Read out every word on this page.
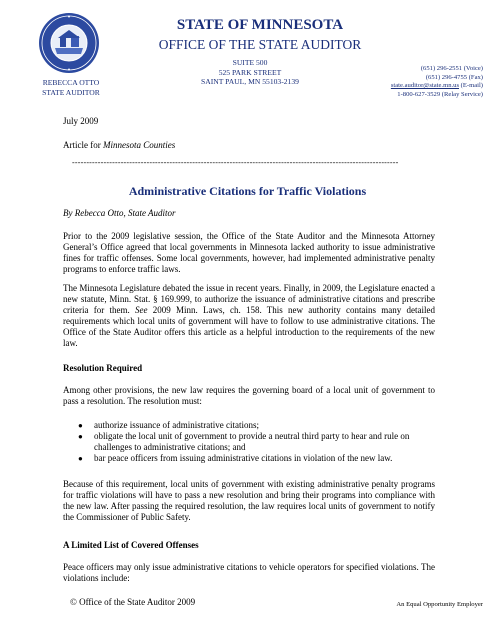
REBECCA OTTO
STATE AUDITOR
STATE OF MINNESOTA
OFFICE OF THE STATE AUDITOR
SUITE 500
525 PARK STREET
SAINT PAUL, MN 55103-2139
(651) 296-2551 (Voice)
(651) 296-4755 (Fax)
state.auditor@state.mn.us (E-mail)
1-800-627-3529 (Relay Service)
July 2009
Article for Minnesota Counties
------------------------------------------------------------------------------------------------------------------
Administrative Citations for Traffic Violations
By Rebecca Otto, State Auditor
Prior to the 2009 legislative session, the Office of the State Auditor and the Minnesota Attorney General’s Office agreed that local governments in Minnesota lacked authority to issue administrative fines for traffic offenses. Some local governments, however, had implemented administrative penalty programs to enforce traffic laws.
The Minnesota Legislature debated the issue in recent years. Finally, in 2009, the Legislature enacted a new statute, Minn. Stat. § 169.999, to authorize the issuance of administrative citations and prescribe criteria for them. See 2009 Minn. Laws, ch. 158. This new authority contains many detailed requirements which local units of government will have to follow to use administrative citations. The Office of the State Auditor offers this article as a helpful introduction to the requirements of the new law.
Resolution Required
Among other provisions, the new law requires the governing board of a local unit of government to pass a resolution. The resolution must:
●	authorize issuance of administrative citations;
●	obligate the local unit of government to provide a neutral third party to hear and rule on challenges to administrative citations; and
●	bar peace officers from issuing administrative citations in violation of the new law.
Because of this requirement, local units of government with existing administrative penalty programs for traffic violations will have to pass a new resolution and bring their programs into compliance with the new law. After passing the required resolution, the law requires local units of government to notify the Commissioner of Public Safety.
A Limited List of Covered Offenses
Peace officers may only issue administrative citations to vehicle operators for specified violations. The violations include:
© Office of the State Auditor 2009	An Equal Opportunity Employer
